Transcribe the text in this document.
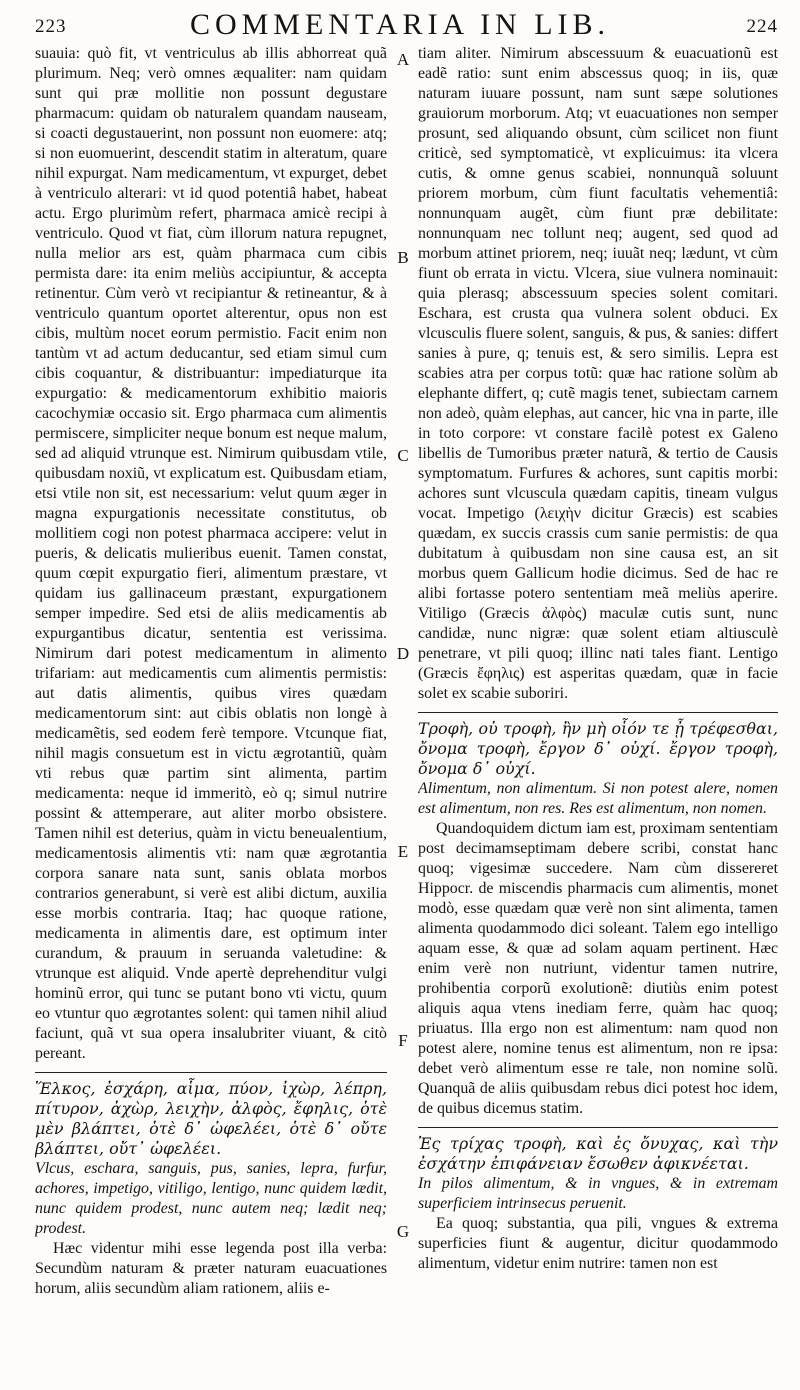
223	COMMENTARIA IN LIB.	224
A
B
C
D
E
F
G

suauia: quò fit, vt ventriculus ab illis abhorreat quã plurimum. Neq; verò omnes æqualiter: nam quidam sunt qui præ mollitie non possunt degustare pharmacum: quidam ob naturalem quandam nauseam, si coacti degustauerint, non possunt non euomere: atq; si non euomuerint, descendit statim in alteratum, quare nihil expurgat. Nam medicamentum, vt expurget, debet à ventriculo alterari: vt id quod potentiâ habet, habeat actu. Ergo plurimùm refert, pharmaca amicè recipi à ventriculo. Quod vt fiat, cùm illorum natura repugnet, nulla melior ars est, quàm pharmaca cum cibis permista dare: ita enim meliùs accipiuntur, & accepta retinentur. Cùm verò vt recipiantur & retineantur, & à ventriculo quantum oportet alterentur, opus non est cibis, multùm nocet eorum permistio. Facit enim non tantùm vt ad actum deducantur, sed etiam simul cum cibis coquantur, & distribuantur: impediaturque ita expurgatio: & medicamentorum exhibitio maioris cacochymiæ occasio sit. Ergo pharmaca cum alimentis permiscere, simpliciter neque bonum est neque malum, sed ad aliquid vtrunque est. Nimirum quibusdam vtile, quibusdam noxiũ, vt explicatum est. Quibusdam etiam, etsi vtile non sit, est necessarium: velut quum æger in magna expurgationis necessitate constitutus, ob mollitiem cogi non potest pharmaca accipere: velut in pueris, & delicatis mulieribus euenit. Tamen constat, quum cœpit expurgatio fieri, alimentum præstare, vt quidam ius gallinaceum præstant, expurgationem semper impedire. Sed etsi de aliis medicamentis ab expurgantibus dicatur, sententia est verissima. Nimirum dari potest medicamentum in alimento trifariam: aut medicamentis cum alimentis permistis: aut datis alimentis, quibus vires quædam medicamentorum sint: aut cibis oblatis non longè à medicamẽtis, sed eodem ferè tempore. Vtcunque fiat, nihil magis consuetum est in victu ægrotantiũ, quàm vti rebus quæ partim sint alimenta, partim medicamenta: neque id immeritò, eò q; simul nutrire possint & attemperare, aut aliter morbo obsistere. Tamen nihil est deterius, quàm in victu beneualentium, medicamentosis alimentis vti: nam quæ ægrotantia corpora sanare nata sunt, sanis oblata morbos contrarios generabunt, si verè est alibi dictum, auxilia esse morbis contraria. Itaq; hac quoque ratione, medicamenta in alimentis dare, est optimum inter curandum, & prauum in seruanda valetudine: & vtrunque est aliquid. Vnde apertè deprehenditur vulgi hominũ error, qui tunc se putant bono vti victu, quum eo vtuntur quo ægrotantes solent: qui tamen nihil aliud faciunt, quã vt sua opera insalubriter viuant, & citò pereant.

Ἕλκος, ἐσχάρη, αἷμα, πύον, ἰχὼρ, λέπρη, πίτυρον, ἀχὼρ, λειχὴν, ἀλφὸς, ἔφηλις, ὁτὲ μὲν βλάπτει, ὁτὲ δ᾽ ὠφελέει, ὁτὲ δ᾽ οὔτε βλάπτει, οὔτ᾽ ὠφελέει.

Vlcus, eschara, sanguis, pus, sanies, lepra, furfur, achores, impetigo, vitiligo, lentigo, nunc quidem lædit, nunc quidem prodest, nunc autem neq; lædit neq; prodest.

Hæc videntur mihi esse legenda post illa verba: Secundùm naturam & præter naturam euacuationes horum, aliis secundùm aliam rationem, aliis e-

tiam aliter. Nimirum abscessuum & euacuationũ est eadẽ ratio: sunt enim abscessus quoq; in iis, quæ naturam iuuare possunt, nam sunt sæpe solutiones grauiorum morborum. Atq; vt euacuationes non semper prosunt, sed aliquando obsunt, cùm scilicet non fiunt criticè, sed symptomaticè, vt explicuimus: ita vlcera cutis, & omne genus scabiei, nonnunquã soluunt priorem morbum, cùm fiunt facultatis vehementiâ: nonnunquam augẽt, cùm fiunt præ debilitate: nonnunquam nec tollunt neq; augent, sed quod ad morbum attinet priorem, neq; iuuãt neq; lædunt, vt cùm fiunt ob errata in victu. Vlcera, siue vulnera nominauit: quia plerasq; abscessuum species solent comitari. Eschara, est crusta qua vulnera solent obduci. Ex vlcusculis fluere solent, sanguis, & pus, & sanies: differt sanies à pure, q; tenuis est, & sero similis. Lepra est scabies atra per corpus totũ: quæ hac ratione solùm ab elephante differt, q; cutẽ magis tenet, subiectam carnem non adeò, quàm elephas, aut cancer, hic vna in parte, ille in toto corpore: vt constare facilè potest ex Galeno libellis de Tumoribus præter naturã, & tertio de Causis symptomatum. Furfures & achores, sunt capitis morbi: achores sunt vlcuscula quædam capitis, tineam vulgus vocat. Impetigo (λειχὴν dicitur Græcis) est scabies quædam, ex succis crassis cum sanie permistis: de qua dubitatum à quibusdam non sine causa est, an sit morbus quem Gallicum hodie dicimus. Sed de hac re alibi fortasse potero sententiam meã meliùs aperire. Vitiligo (Græcis ἀλφὸς) maculæ cutis sunt, nunc candidæ, nunc nigræ: quæ solent etiam altiusculè penetrare, vt pili quoq; illinc nati tales fiant. Lentigo (Græcis ἔφηλις) est asperitas quædam, quæ in facie solet ex scabie suboriri.

Τροφὴ, οὐ τροφὴ, ἢν μὴ οἷόν τε ᾖ τρέφεσθαι, ὄνομα τροφὴ, ἔργον δ᾽ οὐχί. ἔργον τροφὴ, ὄνομα δ᾽ οὐχί.

Alimentum, non alimentum. Si non potest alere, nomen est alimentum, non res. Res est alimentum, non nomen.

Quandoquidem dictum iam est, proximam sententiam post decimamseptimam debere scribi, constat hanc quoq; vigesimæ succedere. Nam cùm dissereret Hippocr. de miscendis pharmacis cum alimentis, monet modò, esse quædam quæ verè non sint alimenta, tamen alimenta quodammodo dici soleant. Talem ego intelligo aquam esse, & quæ ad solam aquam pertinent. Hæc enim verè non nutriunt, videntur tamen nutrire, prohibentia corporũ exolutionẽ: diutiùs enim potest aliquis aqua vtens inediam ferre, quàm hac quoq; priuatus. Illa ergo non est alimentum: nam quod non potest alere, nomine tenus est alimentum, non re ipsa: debet verò alimentum esse re tale, non nomine solũ. Quanquã de aliis quibusdam rebus dici potest hoc idem, de quibus dicemus statim.

Ἐς τρίχας τροφὴ, καὶ ἐς ὄνυχας, καὶ τὴν ἐσχάτην ἐπιφάνειαν ἔσωθεν ἀφικνέεται.

In pilos alimentum, & in vngues, & in extremam superficiem intrinsecus peruenit.

Ea quoq; substantia, qua pili, vngues & extrema superficies fiunt & augentur, dicitur quodammodo alimentum, videtur enim nutrire: tamen non est
